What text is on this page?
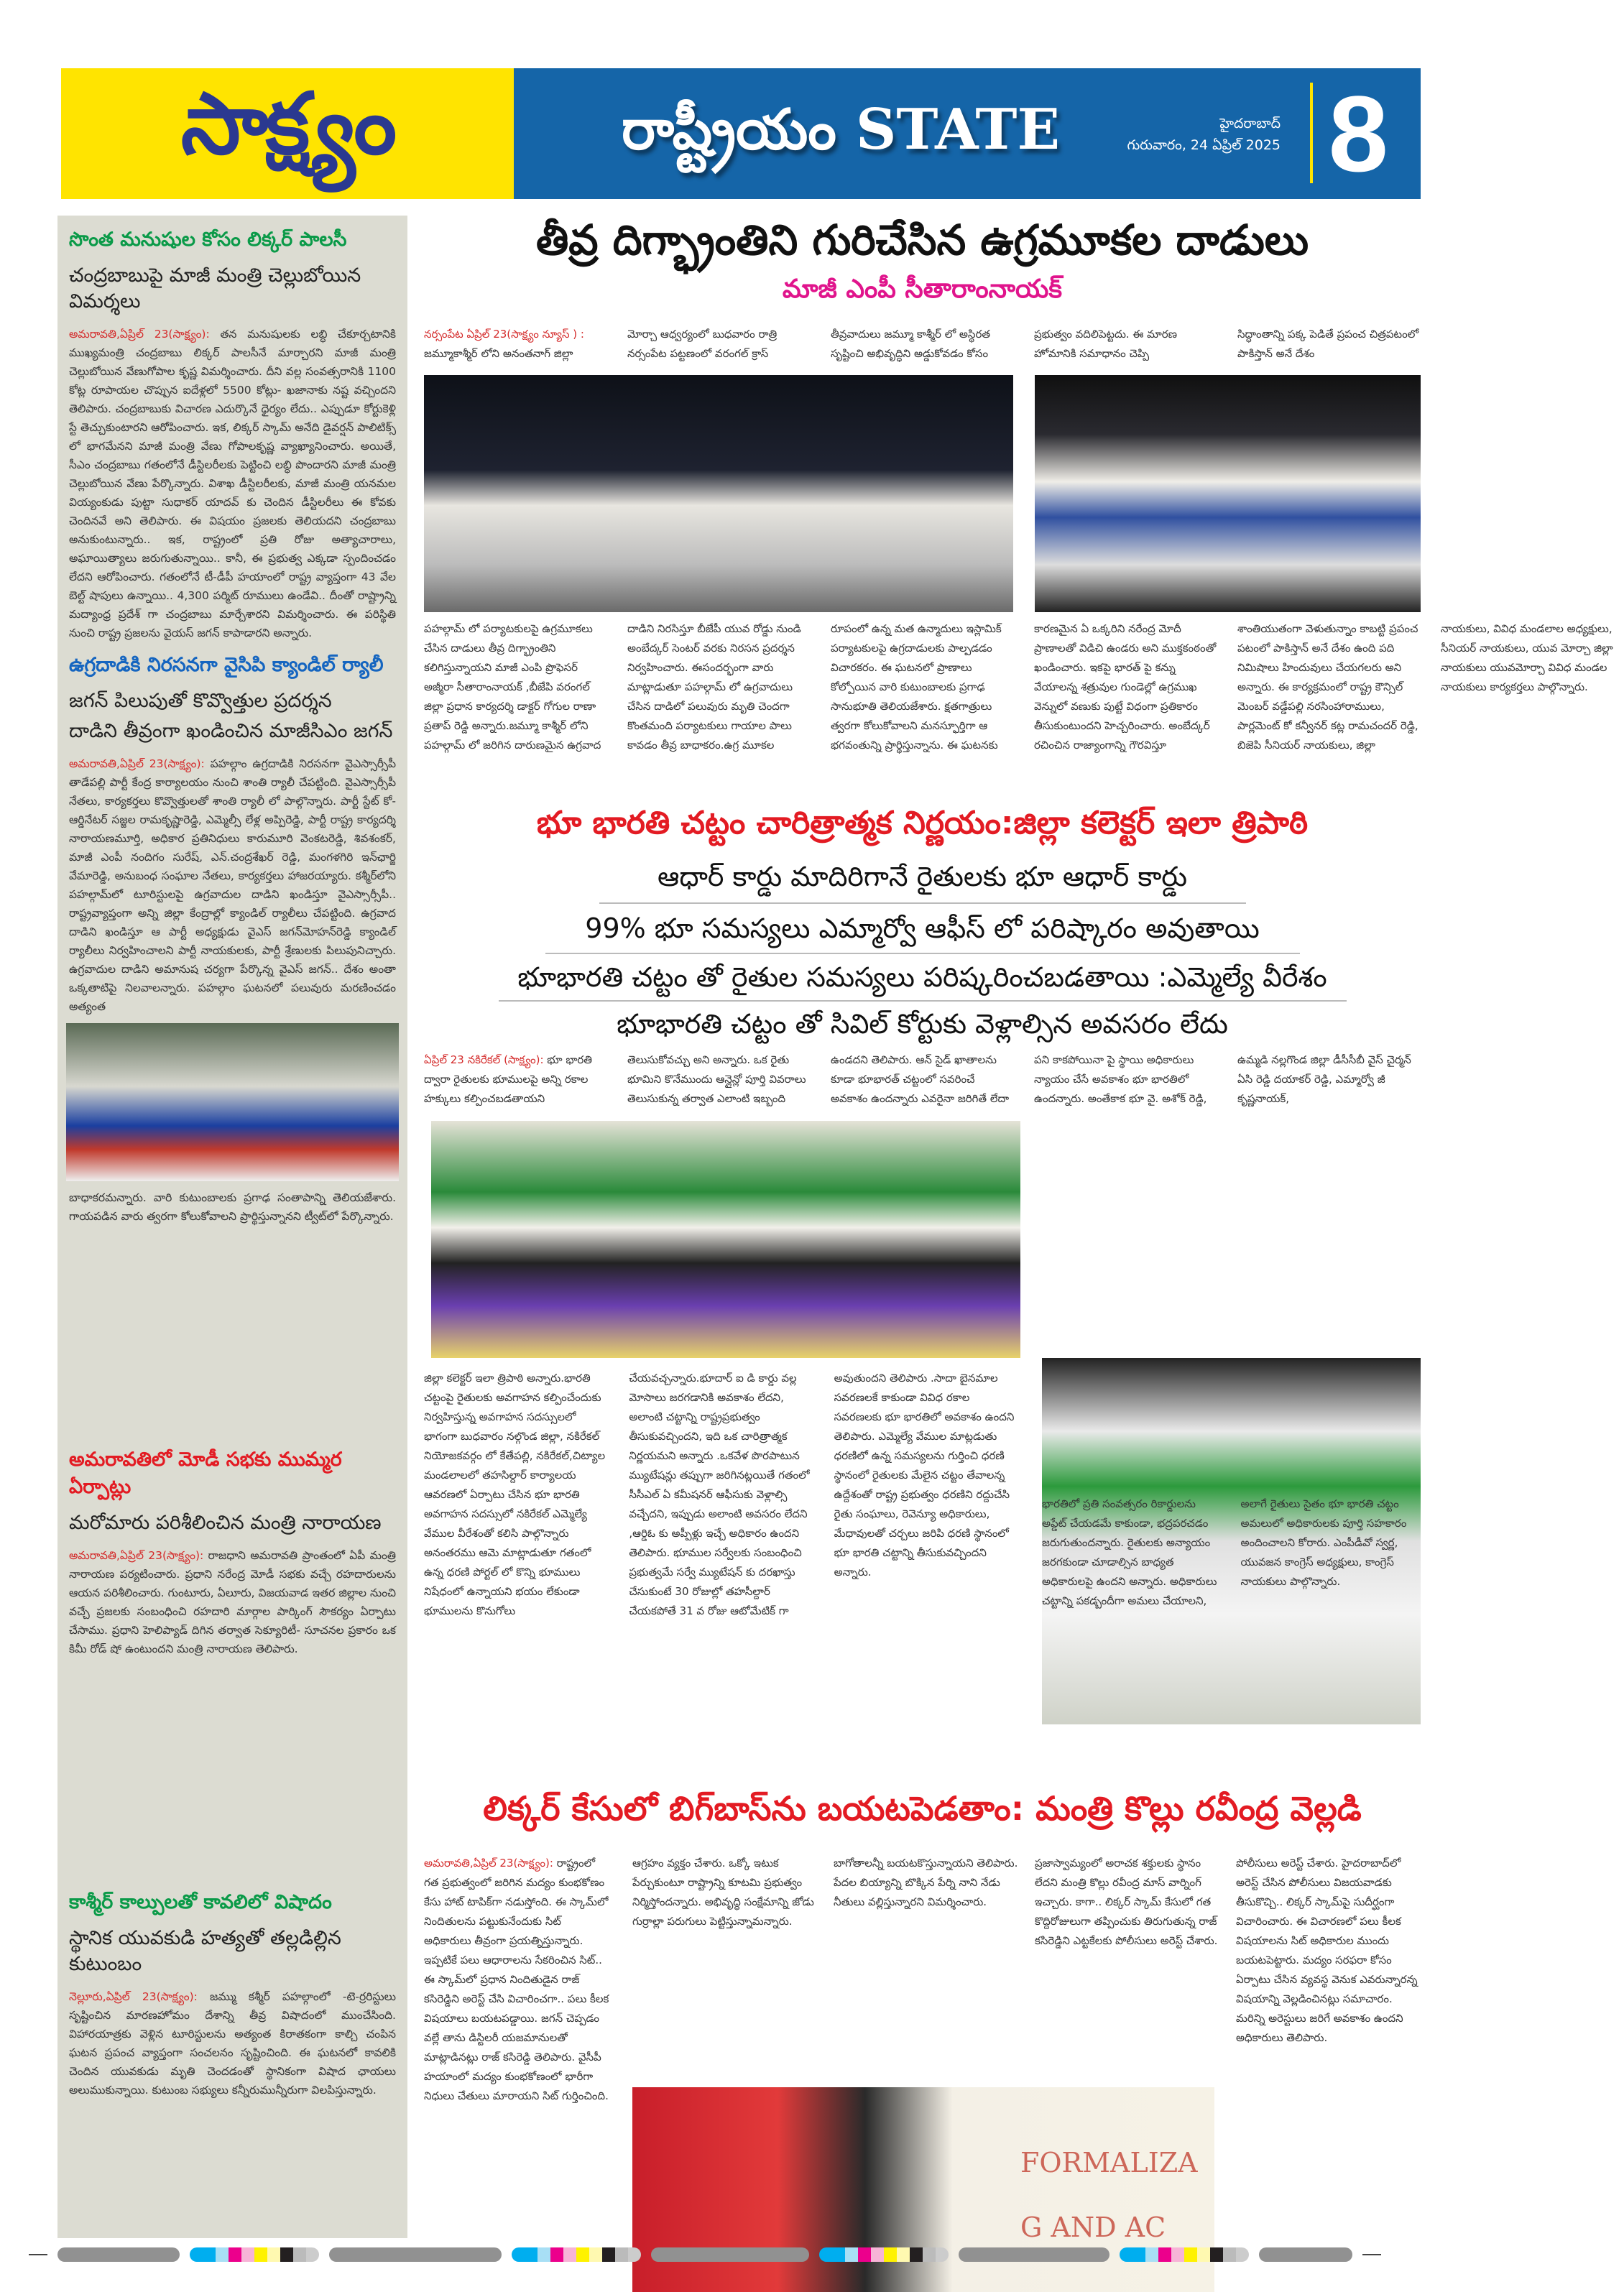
సాక్ష్యం	రాష్ట్రీయం STATE	హైదరాబాద్
గురువారం, 24 ఏప్రిల్ 2025 8
సొంత మనుషుల కోసం లిక్కర్ పాలసీ
చంద్రబాబుపై మాజీ మంత్రి చెల్లుబోయిన విమర్శలు

అమరావతి,ఏప్రిల్ 23(సాక్ష్యం): తన మనుషులకు లబ్ధి చేకూర్చటానికి ముఖ్యమంత్రి చంద్రబాబు లిక్కర్ పాలసీనే మార్చారని మాజీ మంత్రి చెల్లుబోయిన వేణుగోపాల కృష్ణ విమర్శించారు. దీని వల్ల సంవత్సరానికి 1100 కోట్ల రూపాయల చొప్పున ఐదేళ్లలో 5500 కోట్లు- ఖజానాకు నష్ట వచ్చిందని తెలిపారు. చంద్రబాబుకు విచారణ ఎదుర్కొనే ధైర్యం లేదు.. ఎప్పుడూ కోర్టుకెళ్లి స్టే తెచ్చుకుంటారని ఆరోపించారు. ఇక, లిక్కర్ స్కామ్ అనేది డైవర్షన్ పాలిటిక్స్ లో భాగమేనని మాజీ మంత్రి వేణు గోపాలకృష్ణ వ్యాఖ్యానించారు. అయితే, సీఎం చంద్రబాబు గతంలోనే డీస్టిలరీలకు పెట్టించి లబ్ధి పొందారని మాజీ మంత్రి చెల్లుబోయిన వేణు పేర్కొన్నారు. విశాఖ డీస్టిలరీలకు, మాజీ మంత్రి యనమల వియ్యంకుడు పుట్టా సుధాకర్ యాదవ్ కు చెందిన డీస్టిలరీలు ఈ కోవకు చెందినవే అని తెలిపారు. ఈ విషయం ప్రజలకు తెలియదని చంద్రబాబు అనుకుంటున్నారు.. ఇక, రాష్ట్రంలో ప్రతి రోజు అత్యాచారాలు, అఘాయిత్యాలు జరుగుతున్నాయి.. కానీ, ఈ ప్రభుత్వ ఎక్కడా స్పందించడం లేదని ఆరోపించారు. గతంలోనే టీ-డీపీ హయాంలో రాష్ట్ర వ్యాప్తంగా 43 వేల బెల్ట్ షాపులు ఉన్నాయి.. 4,300 పర్మిట్ రూములు ఉండేవి.. దీంతో రాష్ట్రాన్ని మద్యాంధ్ర ప్రదేశ్ గా చంద్రబాబు మార్చేశారని విమర్శించారు. ఈ పరిస్థితి నుంచి రాష్ట్ర ప్రజలను వైయస్ జగన్ కాపాడారని అన్నారు.

ఉగ్రదాడికి నిరసనగా వైసిపి క్యాండిల్ ర్యాలీ
జగన్ పిలుపుతో కొవ్వొత్తుల ప్రదర్శన
దాడిని తీవ్రంగా ఖండించిన మాజీసిఎం జగన్

అమరావతి,ఏప్రిల్ 23(సాక్ష్యం): పహల్గాం ఉగ్రదాడికి నిరసనగా వైఎస్సార్సీపీ తాడేపల్లి పార్టీ కేంద్ర కార్యాలయం నుంచి శాంతి ర్యాలీ చేపట్టింది. వైఎస్సార్సీపీ నేతలు, కార్యకర్తలు కొవ్వొత్తులతో శాంతి ర్యాలీ లో పాల్గొన్నారు. పార్టీ స్టేట్ కో-ఆర్డినేటర్ సజ్జల రామకృష్ణారెడ్డి, ఎమ్మెల్సీ లేళ్ల అప్పిరెడ్డి, పార్టీ రాష్ట్ర కార్యదర్శి నారాయణమూర్తి, అధికార ప్రతినిధులు కారుమూరి వెంకటరెడ్డి, శివశంకర్, మాజీ ఎంపీ నందిగం సురేష్, ఎన్.చంద్రశేఖర్ రెడ్డి, మంగళగిరి ఇన్‌ఛార్జి వేమారెడ్డి, అనుబంధ సంఘాల నేతలు, కార్యకర్తలు హాజరయ్యారు. కశ్మీర్‌లోని పహల్గామ్‌లో టూరిస్టులపై ఉగ్రవాదుల దాడిని ఖండిస్తూ వైఎస్సార్సీపీ.. రాష్ట్రవ్యాప్తంగా అన్ని జిల్లా కేంద్రాల్లో క్యాండిల్ ర్యాలీలు చేపట్టింది. ఉగ్రవాద దాడిని ఖండిస్తూ ఆ పార్టీ అధ్యక్షుడు వైఎస్ జగన్‌మోహన్‌రెడ్డి క్యాండిల్ ర్యాలీలు నిర్వహించాలని పార్టీ నాయకులకు, పార్టీ శ్రేణులకు పిలుపునిచ్చారు. ఉగ్రవాదుల దాడిని అమానుష చర్యగా పేర్కొన్న వైఎస్ జగన్.. దేశం అంతా ఒక్కతాటిపై నిలవాలన్నారు. పహల్గాం ఘటనలో పలువురు మరణించడం అత్యంత

బాధాకరమన్నారు. వారి కుటుంబాలకు ప్రగాఢ సంతాపాన్ని తెలియజేశారు. గాయపడిన వారు త్వరగా కోలుకోవాలని ప్రార్థిస్తున్నానని ట్వీట్‌లో పేర్కొన్నారు.

అమరావతిలో మోడీ సభకు ముమ్మర ఏర్పాట్లు
మరోమారు పరిశీలించిన మంత్రి నారాయణ

అమరావతి,ఏప్రిల్ 23(సాక్ష్యం): రాజధాని అమరావతి ప్రాంతంలో ఏపీ మంత్రి నారాయణ పర్యటించారు. ప్రధాని నరేంద్ర మోడీ సభకు వచ్చే రహదారులను ఆయన పరిశీలించారు. గుంటూరు, ఏలూరు, విజయవాడ ఇతర జిల్లాల నుంచి వచ్చే ప్రజలకు సంబంధించి రహదారి మార్గాల పార్కింగ్ సౌకర్యం ఏర్పాటు చేసాము. ప్రధాని హెలిప్యాడ్ దిగిన తర్వాత సెక్యూరిటీ- సూచనల ప్రకారం ఒక కిమీ రోడ్ షో ఉంటుందని మంత్రి నారాయణ తెలిపారు.

కాశ్మీర్ కాల్పులతో కావలిలో విషాదం
స్థానిక యువకుడి హత్యతో తల్లడిల్లిన కుటుంబం

నెల్లూరు,ఏప్రిల్ 23(సాక్ష్యం): జమ్ము కశ్మీర్ పహల్గాంలో -టె-ర్రరిస్టులు సృష్టించిన మారణహోమం దేశాన్ని తీవ్ర విషాదంలో ముంచేసింది. విహారయాత్రకు వెళ్లిన టూరిస్టులను అత్యంత కిరాతకంగా కాల్చి చంపిన ఘటన ప్రపంచ వ్యాప్తంగా సంచలనం సృష్టించింది. ఈ ఘటనలో కావలికి చెందిన యువకుడు మృతి చెందడంతో స్థానికంగా విషాద ఛాయలు అలుముకున్నాయి. కుటుంబ సభ్యులు కన్నీరుమున్నీరుగా విలపిస్తున్నారు.

తీవ్ర దిగ్భ్రాంతిని గురిచేసిన ఉగ్రమూకల దాడులు
మాజీ ఎంపీ సీతారాంనాయక్

నర్సంపేట ఏప్రిల్ 23(సాక్ష్యం న్యూస్ ) : జమ్మూకాశ్మీర్ లోని అనంతనాగ్ జిల్లా

మోర్చా ఆధ్వర్యంలో బుధవారం రాత్రి నర్సంపేట పట్టణంలో వరంగల్ క్రాస్

తీవ్రవాదులు జమ్మూ కాశ్మీర్ లో అస్థిరత సృష్టించి అభివృద్ధిని అడ్డుకోవడం కోసం

ప్రభుత్వం వదిలిపెట్టదు. ఈ మారణ హోమానికి సమాధానం చెప్పి

సిద్ధాంతాన్ని పక్క పెడితే ప్రపంచ చిత్రపటంలో పాకిస్తాన్ అనే దేశం

పహల్గామ్ లో పర్యాటకులపై ఉగ్రమూకలు చేసిన దాడులు తీవ్ర దిగ్భ్రాంతిని కలిగిస్తున్నాయని మాజీ ఎంపి ప్రొఫెసర్ అజ్మీరా సీతారాంనాయక్ ,బీజేపి వరంగల్ జిల్లా ప్రధాన కార్యదర్శి డాక్టర్ గోగుల రాణా ప్రతాప్ రెడ్డి అన్నారు.జమ్మూ కాశ్మీర్ లోని పహల్గామ్ లో జరిగిన దారుణమైన ఉగ్రవాద దాడిని నిరసిస్తూ బీజేపీ యువ రోడ్డు నుండి అంబేద్కర్ సెంటర్ వరకు నిరసన ప్రదర్శన నిర్వహించారు. ఈసందర్భంగా వారు మాట్లాడుతూ పహల్గామ్ లో ఉగ్రవాదులు చేసిన దాడిలో పలువురు మృతి చెందగా కొంతమంది పర్యాటకులు గాయాల పాలు కావడం తీవ్ర బాధాకరం.ఉగ్ర మూకల రూపంలో ఉన్న మత ఉన్మాదులు ఇస్లామిక్ పర్యాటకులపై ఉగ్రదాడులకు పాల్పడడం విచారకరం. ఈ ఘటనలో ప్రాణాలు కోల్పోయిన వారి కుటుంబాలకు ప్రగాఢ సానుభూతి తెలియజేశారు. క్షతగాత్రులు త్వరగా కోలుకోవాలని మనస్ఫూర్తిగా ఆ భగవంతున్ని ప్రార్థిస్తున్నాను. ఈ ఘటనకు కారణమైన ఏ ఒక్కరిని నరేంద్ర మోదీ ప్రాణాలతో విడిచి ఉండరు అని ముక్తకంఠంతో ఖండించారు. ఇకపై భారత్ పై కన్ను వేయాలన్న శత్రువుల గుండెల్లో ఉగ్రముఖ వెన్నులో వణుకు పుట్టే విధంగా ప్రతికారం తీసుకుంటుందని హెచ్చరించారు. అంబేద్కర్ రచించిన రాజ్యాంగాన్ని గౌరవిస్తూ శాంతియుతంగా వెళుతున్నాం కాబట్టి ప్రపంచ పటంలో పాకిస్తాన్ అనే దేశం ఉంది పది నిమిషాలు హిందువులు చేయగలరు అని అన్నారు. ఈ కార్యక్రమంలో రాష్ట్ర కౌన్సిల్ మెంబర్ వడ్డేపల్లి నరసింహారాములు, పార్లమెంట్ కో కన్వీనర్ కట్ల రామచందర్ రెడ్డి, బిజెపి సీనియర్ నాయకులు, జిల్లా నాయకులు, వివిధ మండలాల అధ్యక్షులు, సీనియర్ నాయకులు, యువ మోర్చా జిల్లా నాయకులు యువమోర్చా వివిధ మండల నాయకులు కార్యకర్తలు పాల్గొన్నారు.
భూ భారతి చట్టం చారిత్రాత్మక నిర్ణయం:జిల్లా కలెక్టర్ ఇలా త్రిపాఠి
ఆధార్ కార్డు మాదిరిగానే రైతులకు భూ ఆధార్ కార్డు
99% భూ సమస్యలు ఎమ్మార్వో ఆఫీస్ లో పరిష్కారం అవుతాయి
భూభారతి చట్టం తో రైతుల సమస్యలు పరిష్కరించబడతాయి :ఎమ్మెల్యే వీరేశం
భూభారతి చట్టం తో సివిల్ కోర్టుకు వెళ్లాల్సిన అవసరం లేదు
ఏప్రిల్ 23 నకిరేకల్ (సాక్ష్యం): భూ భారతి ద్వారా రైతులకు భూములపై అన్ని రకాల హక్కులు కల్పించబడతాయని తెలుసుకోవచ్చు అని అన్నారు. ఒక రైతు భూమిని కొనేముందు ఆన్లైన్లో పూర్తి వివరాలు తెలుసుకున్న తర్వాత ఎలాంటి ఇబ్బంది ఉండదని తెలిపారు. ఆన్ సైడ్ ఖాతాలను కూడా భూభారత్ చట్టంలో సవరించే అవకాశం ఉందన్నారు ఎవరైనా జరిగితే లేదా పని కాకపోయినా పై స్థాయి అధికారులు న్యాయం చేసే అవకాశం భూ భారతిలో ఉందన్నారు. అంతేకాక భూ వై. అశోక్ రెడ్డి, ఉమ్మడి నల్లగొండ జిల్లా డీసీసీబీ వైస్ చైర్మన్ ఏసి రెడ్డి దయాకర్ రెడ్డి, ఎమ్మార్వో జీ కృష్ణనాయక్,
జిల్లా కలెక్టర్ ఇలా త్రిపాఠి అన్నారు.భారతి చట్టంపై రైతులకు అవగాహన కల్పించేందుకు నిర్వహిస్తున్న అవగాహన సదస్సులలో భాగంగా బుధవారం నల్గొండ జిల్లా, నకిరేకల్ నియోజకవర్గం లో కేతేపల్లి, నకిరేకల్,చిట్యాల మండలాలలో తహసిల్దార్ కార్యాలయ ఆవరణలో ఏర్పాటు చేసిన భూ భారతి అవగాహన సదస్సులో నకిరేకల్ ఎమ్మెల్యే వేముల వీరేశంతో కలిసి పాల్గొన్నారు అనంతరము ఆమె మాట్లాడుతూ గతంలో ఉన్న ధరణి పోర్టల్ లో కొన్ని భూములు నిషేధంలో ఉన్నాయని భయం లేకుండా భూములను కొనుగోలు చేయవచ్చన్నారు.భూదార్ ఐ డి కార్డు వల్ల మోసాలు జరగడానికి అవకాశం లేదని, అలాంటి చట్టాన్ని రాష్ట్రప్రభుత్వం తీసుకువచ్చిందని, ఇది ఒక చారిత్రాత్మక నిర్ణయమని అన్నారు .ఒకవేళ పొరపాటున మ్యుటేషన్లు తప్పుగా జరిగినట్లయితే గతంలో సీసీఎల్ ఏ కమీషనర్ ఆఫీసుకు వెళ్లాల్సి వచ్చేదని, ఇప్పుడు అలాంటి అవసరం లేదని ,ఆర్డిఓ కు అప్పీళ్లు ఇచ్చే అధికారం ఉందని తెలిపారు. భూముల సర్వేలకు సంబంధించి ప్రభుత్వమే సర్వే మ్యుటేషన్ కు దరఖాస్తు చేసుకుంటే 30 రోజుల్లో తహసీల్దార్ చేయకపోతే 31 వ రోజు ఆటోమేటిక్ గా అవుతుందని తెలిపారు .సాదా బైనమాల సవరణలకే కాకుండా వివిధ రకాల సవరణలకు భూ భారతిలో అవకాశం ఉందని తెలిపారు. ఎమ్మెల్యే వేముల మాట్లడుతు ధరణిలో ఉన్న సమస్యలను గుర్తించి ధరణి స్థానంలో రైతులకు మేలైన చట్టం తేవాలన్న ఉద్దేశంతో రాష్ట్ర ప్రభుత్వం ధరణిని రద్దుచేసి రైతు సంఘాలు, రెవెన్యూ అధికారులు, మేధావులతో చర్చలు జరిపి ధరణి స్థానంలో భూ భారతి చట్టాన్ని తీసుకువచ్చిందని అన్నారు.
భారతిలో ప్రతి సంవత్సరం రికార్డులను అప్డేట్ చేయడమే కాకుండా, భద్రపరచడం జరుగుతుందన్నారు. రైతులకు అన్యాయం జరగకుండా చూడాల్సిన బాధ్యత అధికారులపై ఉందని అన్నారు. అధికారులు చట్టాన్ని పకడ్బందీగా అమలు చేయాలని, అలాగే రైతులు సైతం భూ భారతి చట్టం అమలులో అధికారులకు పూర్తి సహకారం అందించాలని కోరారు. ఎంపీడీవో స్వర్ణ, యువజన కాంగ్రెస్ అధ్యక్షులు, కాంగ్రెస్ నాయకులు పాల్గొన్నారు.
లిక్కర్ కేసులో బిగ్‌బాస్‌ను బయటపెడతాం: మంత్రి కొల్లు రవీంద్ర వెల్లడి
అమరావతి,ఏప్రిల్ 23(సాక్ష్యం): రాష్ట్రంలో గత ప్రభుత్వంలో జరిగిన మద్యం కుంభకోణం కేసు హాట్ టాపిక్‌గా నడుస్తోంది. ఈ స్కామ్‌లో నిందితులను పట్టుకునేందుకు సిట్ అధికారులు తీవ్రంగా ప్రయత్నిస్తున్నారు. ఇప్పటికే పలు ఆధారాలను సేకరించిన సిట్.. ఈ స్కామ్‌లో ప్రధాన నిందితుడైన రాజ్ కసిరెడ్డిని అరెస్ట్ చేసి విచారించగా.. పలు కీలక విషయాలు బయటపడ్డాయి. జగన్ చెప్పడం వల్లే తాను డిస్టిలరీ యజమానులతో మాట్లాడినట్లు రాజ్ కసిరెడ్డి తెలిపారు. వైసీపీ హయాంలో మద్యం కుంభకోణంలో భారీగా నిధులు చేతులు మారాయని సిట్ గుర్తించింది.
ఆగ్రహం వ్యక్తం చేశారు. ఒక్కో ఇటుక పేర్చుకుంటూ రాష్ట్రాన్ని కూటమి ప్రభుత్వం నిర్మిస్తోందన్నారు. అభివృద్ధి సంక్షేమాన్ని జోడు గుర్రాల్లా పరుగులు పెట్టిస్తున్నామన్నారు.
బాగోతాలన్నీ బయటకొస్తున్నాయని తెలిపారు. పేదల బియ్యాన్ని బొక్కిన పేర్ని నాని నేడు నీతులు వల్లిస్తున్నారని విమర్శించారు.
ప్రజాస్వామ్యంలో అరాచక శక్తులకు స్థానం లేదని మంత్రి కొల్లు రవీంద్ర మాస్ వార్నింగ్ ఇచ్చారు. కాగా.. లిక్కర్ స్కామ్ కేసులో గత కొద్దిరోజులుగా తప్పించుకు తిరుగుతున్న రాజ్ కసిరెడ్డిని ఎట్టకేలకు పోలీసులు అరెస్ట్ చేశారు.
పోలీసులు అరెస్ట్ చేశారు. హైదరాబాద్‌లో అరెస్ట్ చేసిన పోలీసులు విజయవాడకు తీసుకొచ్చి.. లిక్కర్ స్కామ్‌పై సుదీర్ఘంగా విచారించారు. ఈ విచారణలో పలు కీలక విషయాలను సిట్ అధికారుల ముందు బయటపెట్టారు. మద్యం సరఫరా కోసం ఏర్పాటు చేసిన వ్యవస్థ వెనుక ఎవరున్నారన్న విషయాన్ని వెల్లడించినట్లు సమాచారం. మరిన్ని అరెస్టులు జరిగే అవకాశం ఉందని అధికారులు తెలిపారు.
FORMALIZA G AND AC
